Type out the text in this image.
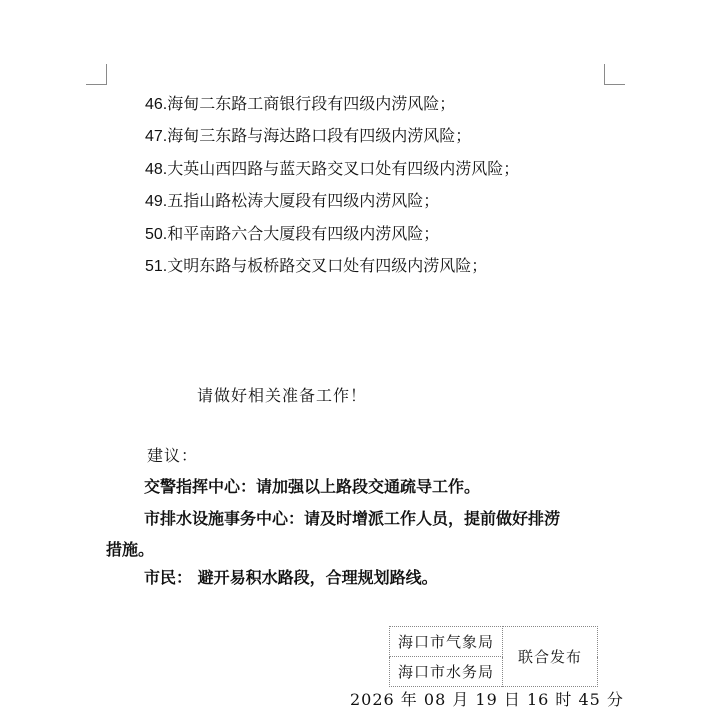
46.海甸二东路工商银行段有四级内涝风险；
47.海甸三东路与海达路口段有四级内涝风险；
48.大英山西四路与蓝天路交叉口处有四级内涝风险；
49.五指山路松涛大厦段有四级内涝风险；
50.和平南路六合大厦段有四级内涝风险；
51.文明东路与板桥路交叉口处有四级内涝风险；
请做好相关准备工作！
建议：
交警指挥中心：请加强以上路段交通疏导工作。
市排水设施事务中心：请及时增派工作人员，提前做好排涝
措施。
市民： 避开易积水路段，合理规划路线。
海口市气象局	联合发布
海口市水务局
2026 年 08 月 19 日 16 时 45 分
